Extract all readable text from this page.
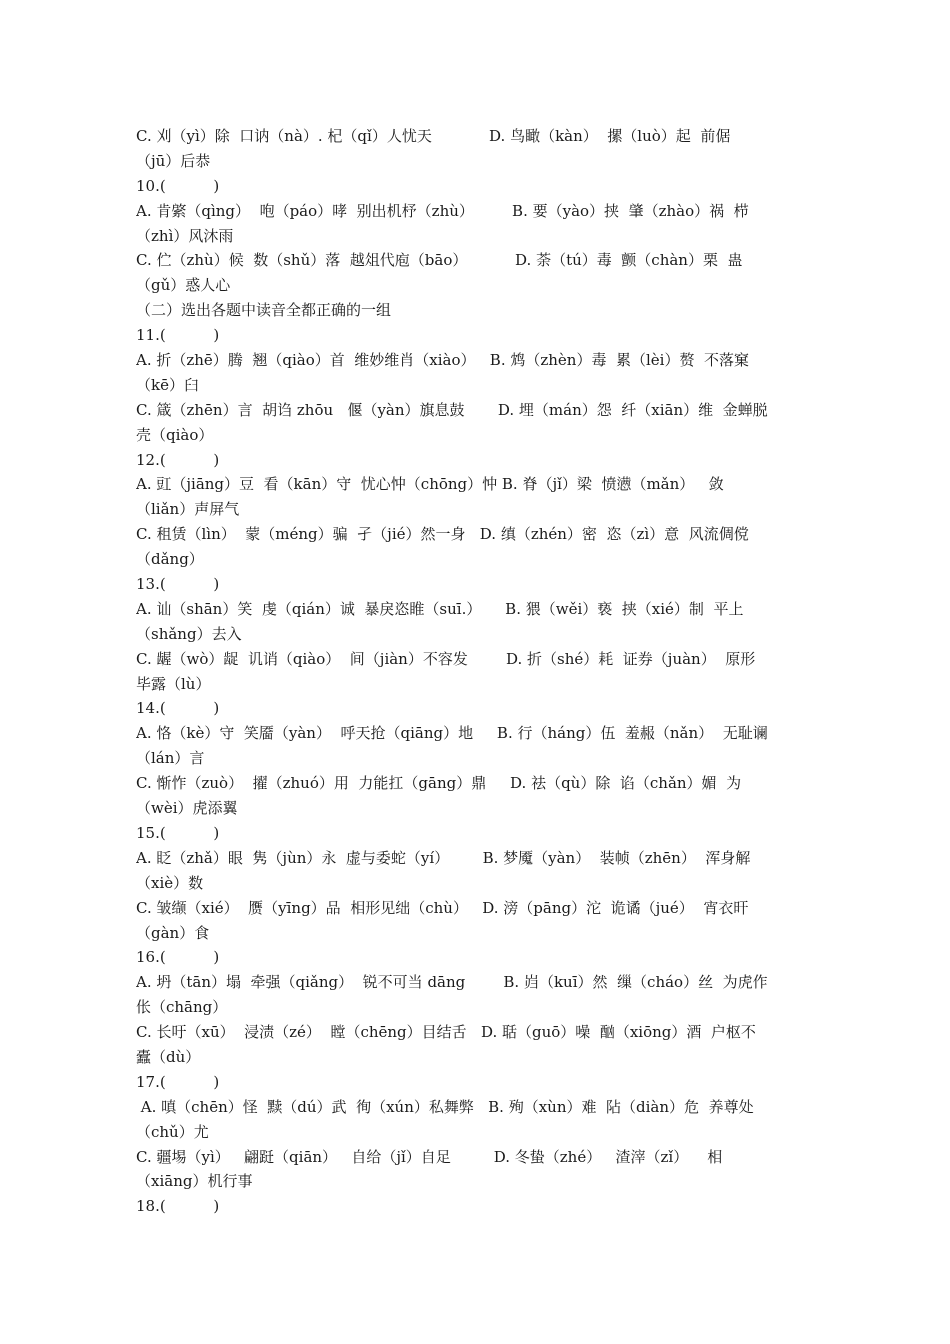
C. 刈（yì）除  口讷（nà）. 杞（qǐ）人忧天            D. 鸟瞰（kàn）  摞（luò）起  前倨
（jū）后恭
10.(          )
A. 肯綮（qìng）  咆（páo）哮  别出机杼（zhù）        B. 要（yào）挟  肇（zhào）祸  栉
（zhì）风沐雨
C. 伫（zhù）候  数（shǔ）落  越俎代庖（bāo）          D. 荼（tú）毒  颤（chàn）栗  蛊
（gǔ）惑人心
（二）选出各题中读音全都正确的一组
11.(          )
A. 折（zhē）腾  翘（qiào）首  维妙维肖（xiào）   B. 鸩（zhèn）毒  累（lèi）赘  不落窠
（kē）臼
C. 箴（zhēn）言  胡诌 zhōu   偃（yàn）旗息鼓       D. 埋（mán）怨  纤（xiān）维  金蝉脱
壳（qiào）
12.(          )
A. 豇（jiāng）豆  看（kān）守  忧心忡（chōng）忡 B. 脊（jǐ）梁  愤懑（mǎn）   敛
（liǎn）声屏气
C. 租赁（lìn）  蒙（méng）骗  孑（jié）然一身   D. 缜（zhén）密  恣（zì）意  风流倜傥
（dǎng）
13.(          )
A. 讪（shān）笑  虔（qián）诚  暴戾恣睢（suī.）     B. 猥（wěi）亵  挟（xié）制  平上
（shǎng）去入
C. 龌（wò）龊  讥诮（qiào）  间（jiàn）不容发        D. 折（shé）耗  证券（juàn）  原形
毕露（lù）
14.(          )
A. 恪（kè）守  笑靥（yàn）  呼天抢（qiāng）地     B. 行（háng）伍  羞赧（nǎn）  无耻谰
（lán）言
C. 惭怍（zuò）  擢（zhuó）用  力能扛（gāng）鼎     D. 祛（qù）除  谄（chǎn）媚  为
（wèi）虎添翼
15.(          )
A. 眨（zhǎ）眼  隽（jùn）永  虚与委蛇（yí）       B. 梦魇（yàn）  装帧（zhēn）  浑身解
（xiè）数
C. 皱缬（xié）  赝（yīng）品  相形见绌（chù）   D. 滂（pāng）沱  诡谲（jué）  宵衣旰
（gàn）食
16.(          )
A. 坍（tān）塌  牵强（qiǎng）  锐不可当 dāng        B. 岿（kuī）然  缫（cháo）丝  为虎作
伥（chāng）
C. 长吁（xū）  浸渍（zé）  瞠（chēng）目结舌   D. 聒（guō）噪  酗（xiōng）酒  户枢不
蠹（dù）
17.(          )
A. 嗔（chēn）怪  黩（dú）武  徇（xún）私舞弊   B. 殉（xùn）难  阽（diàn）危  养尊处
（chǔ）尤
C. 疆埸（yì）   翩跹（qiān）   自给（jǐ）自足         D. 冬蛰（zhé）   渣滓（zǐ）    相
（xiāng）机行事
18.(          )
